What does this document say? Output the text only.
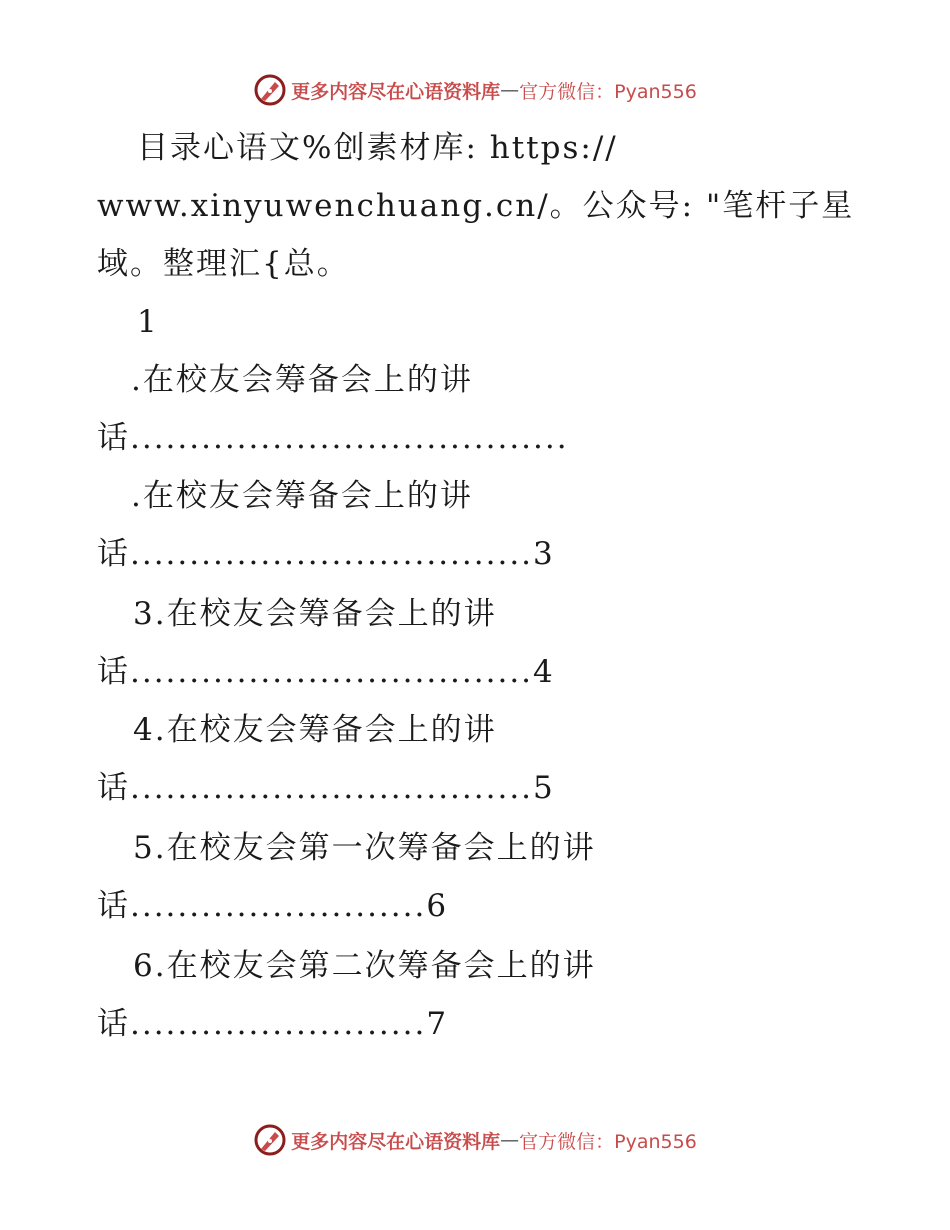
更多内容尽在心语资料库 — 官方微信：Pyan556
目录心语文%创素材库: https://
www.xinyuwenchuang.cn/。公众号: "笔杆子星
域。整理汇{总。
1
.在校友会筹备会上的讲
话.....................................
.在校友会筹备会上的讲
话..................................3
3.在校友会筹备会上的讲
话..................................4
4.在校友会筹备会上的讲
话..................................5
5.在校友会第一次筹备会上的讲
话.........................6
6.在校友会第二次筹备会上的讲
话.........................7
更多内容尽在心语资料库 — 官方微信：Pyan556
